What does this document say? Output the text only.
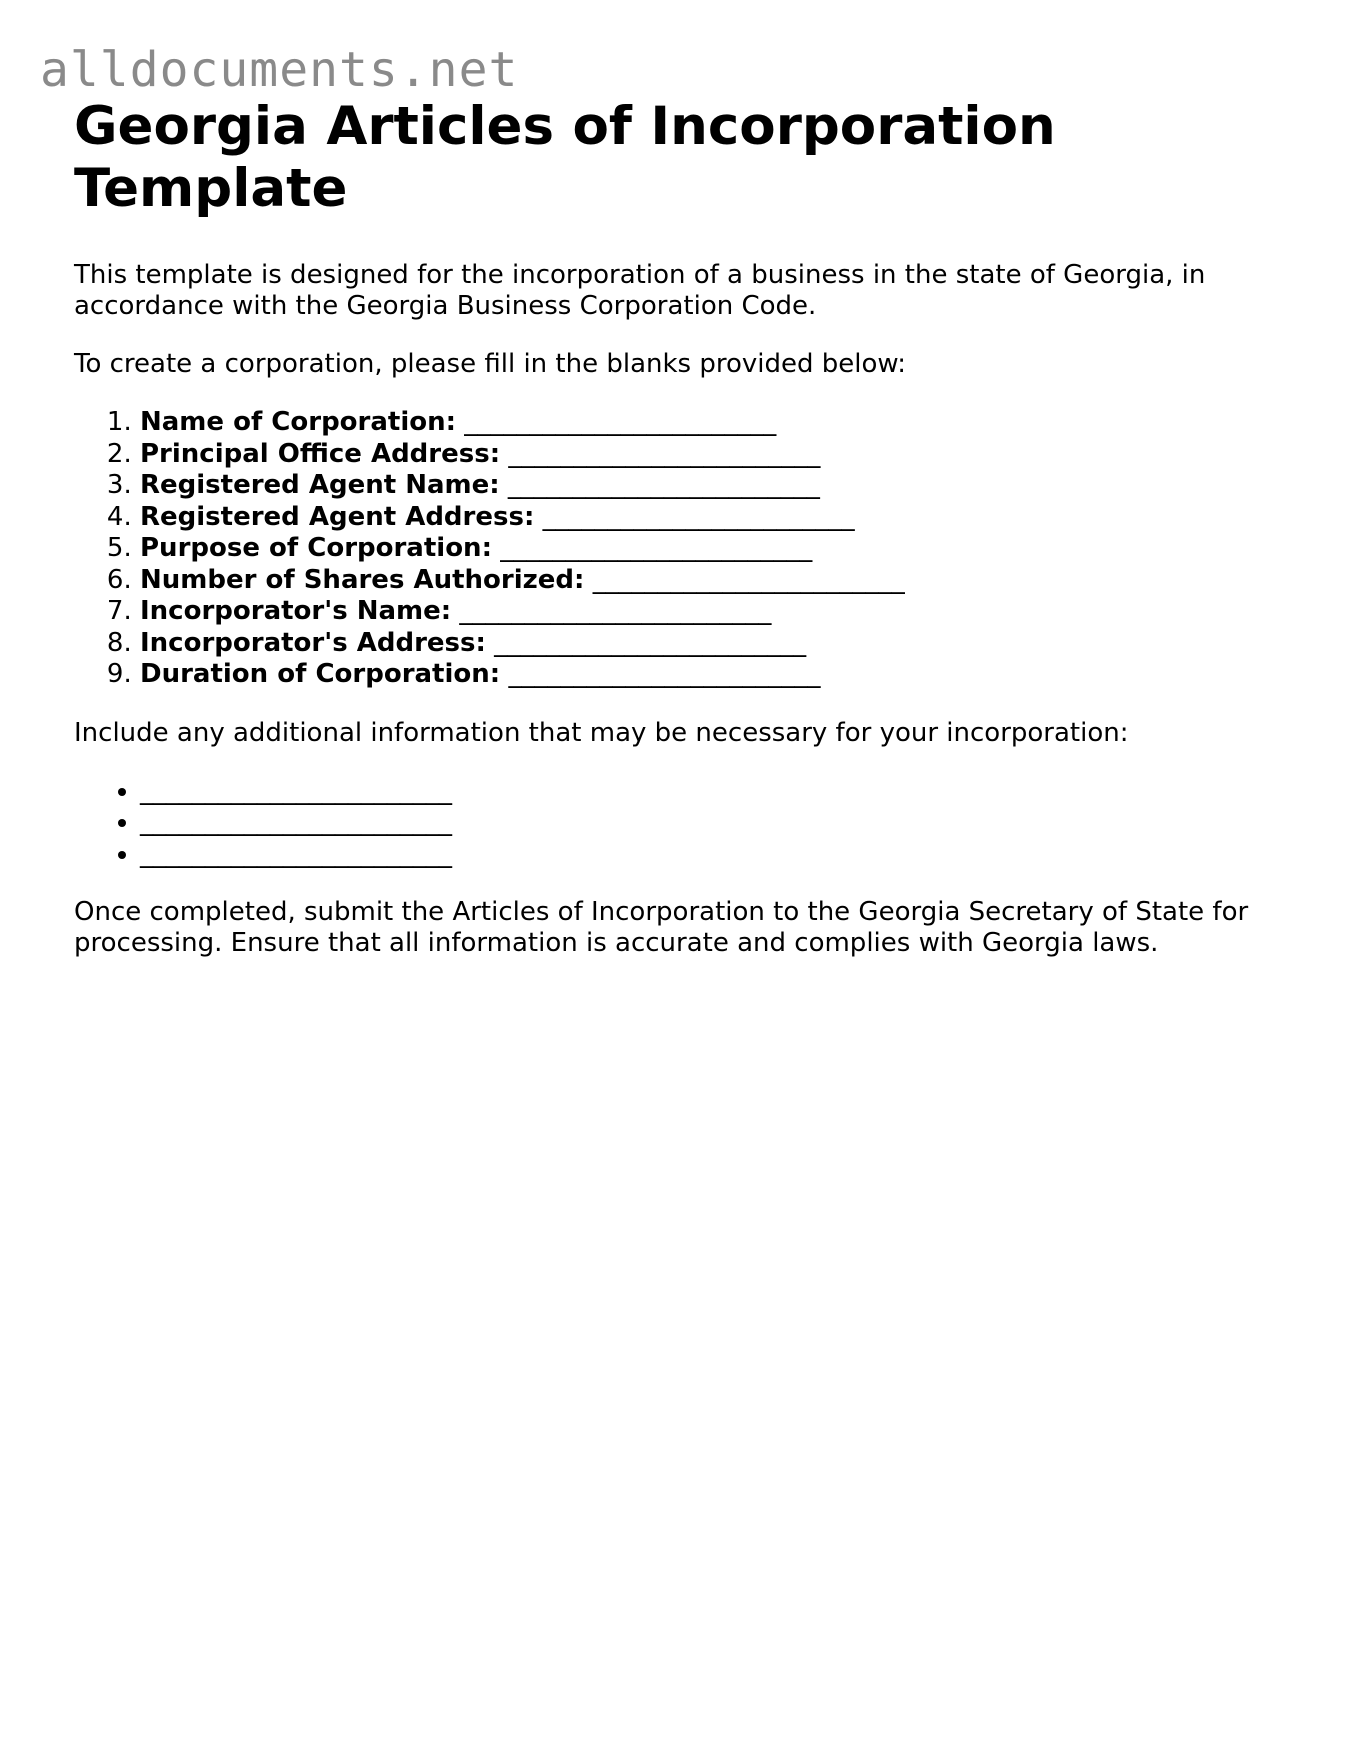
alldocuments.net
Georgia Articles of Incorporation Template

This template is designed for the incorporation of a business in the state of Georgia, in accordance with the Georgia Business Corporation Code.

To create a corporation, please fill in the blanks provided below:

1. Name of Corporation: ________________________
2. Principal Office Address: ________________________
3. Registered Agent Name: ________________________
4. Registered Agent Address: ________________________
5. Purpose of Corporation: ________________________
6. Number of Shares Authorized: ________________________
7. Incorporator's Name: ________________________
8. Incorporator's Address: ________________________
9. Duration of Corporation: ________________________

Include any additional information that may be necessary for your incorporation:

• ________________________
• ________________________
• ________________________

Once completed, submit the Articles of Incorporation to the Georgia Secretary of State for processing. Ensure that all information is accurate and complies with Georgia laws.
